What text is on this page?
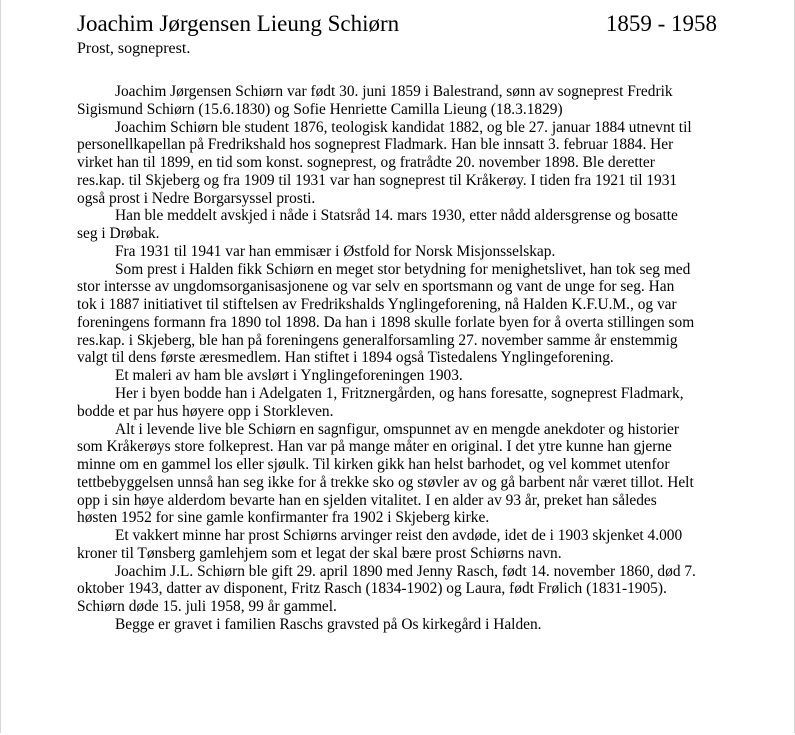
Joachim Jørgensen Lieung Schiørn	1859 - 1958
Prost, sogneprest.
Joachim Jørgensen Schiørn var født 30. juni 1859 i Balestrand, sønn av sogneprest Fredrik
Sigismund Schiørn (15.6.1830) og Sofie Henriette Camilla Lieung (18.3.1829)
Joachim Schiørn ble student 1876, teologisk kandidat 1882, og ble 27. januar 1884 utnevnt til
personellkapellan på Fredrikshald hos sogneprest Fladmark. Han ble innsatt 3. februar 1884. Her
virket han til 1899, en tid som konst. sogneprest, og fratrådte 20. november 1898. Ble deretter
res.kap. til Skjeberg og fra 1909 til 1931 var han sogneprest til Kråkerøy. I tiden fra 1921 til 1931
også prost i Nedre Borgarsyssel prosti.
Han ble meddelt avskjed i nåde i Statsråd 14. mars 1930, etter nådd aldersgrense og bosatte
seg i Drøbak.
Fra 1931 til 1941 var han emmisær i Østfold for Norsk Misjonsselskap.
Som prest i Halden fikk Schiørn en meget stor betydning for menighetslivet, han tok seg med
stor intersse av ungdomsorganisasjonene og var selv en sportsmann og vant de unge for seg. Han
tok i 1887 initiativet til stiftelsen av Fredrikshalds Ynglingeforening, nå Halden K.F.U.M., og var
foreningens formann fra 1890 tol 1898. Da han i 1898 skulle forlate byen for å overta stillingen som
res.kap. i Skjeberg, ble han på foreningens generalforsamling 27. november samme år enstemmig
valgt til dens første æresmedlem. Han stiftet i 1894 også Tistedalens Ynglingeforening.
Et maleri av ham ble avslørt i Ynglingeforeningen 1903.
Her i byen bodde han i Adelgaten 1, Fritznergården, og hans foresatte, sogneprest Fladmark,
bodde et par hus høyere opp i Storkleven.
Alt i levende live ble Schiørn en sagnfigur, omspunnet av en mengde anekdoter og historier
som Kråkerøys store folkeprest. Han var på mange måter en original. I det ytre kunne han gjerne
minne om en gammel los eller sjøulk. Til kirken gikk han helst barhodet, og vel kommet utenfor
tettbebyggelsen unnså han seg ikke for å trekke sko og støvler av og gå barbent når været tillot. Helt
opp i sin høye alderdom bevarte han en sjelden vitalitet. I en alder av 93 år, preket han således
høsten 1952 for sine gamle konfirmanter fra 1902 i Skjeberg kirke.
Et vakkert minne har prost Schiørns arvinger reist den avdøde, idet de i 1903 skjenket 4.000
kroner til Tønsberg gamlehjem som et legat der skal bære prost Schiørns navn.
Joachim J.L. Schiørn ble gift 29. april 1890 med Jenny Rasch, født 14. november 1860, død 7.
oktober 1943, datter av disponent, Fritz Rasch (1834-1902) og Laura, født Frølich (1831-1905).
Schiørn døde 15. juli 1958, 99 år gammel.
Begge er gravet i familien Raschs gravsted på Os kirkegård i Halden.
